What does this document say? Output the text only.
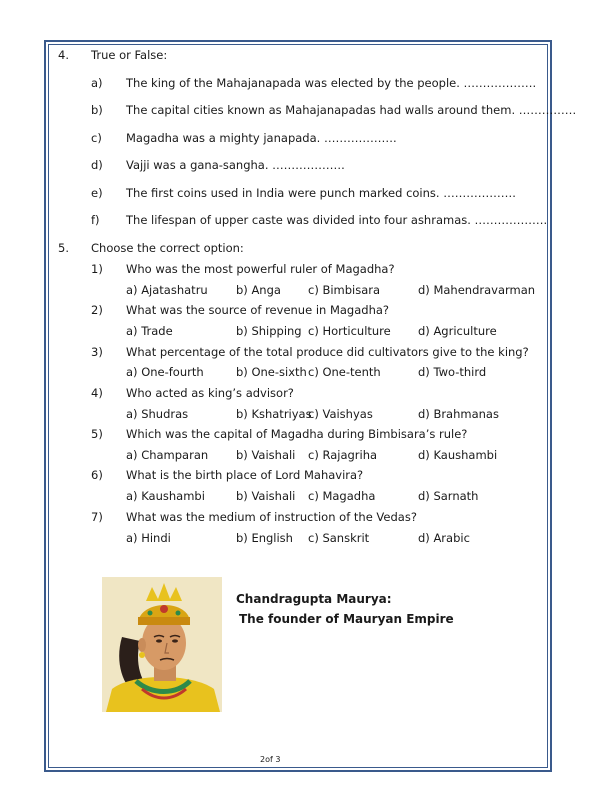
4. True or False:
a) The king of the Mahajanapada was elected by the people. ……………….
b) The capital cities known as Mahajanapadas had walls around them. ……………
c) Magadha was a mighty janapada. ……………….
d) Vajji was a gana-sangha. ……………….
e) The first coins used in India were punch marked coins. ……………….
f) The lifespan of upper caste was divided into four ashramas. ……………….
5. Choose the correct option:
1) Who was the most powerful ruler of Magadha?
a) Ajatashatru b) Anga c) Bimbisara	d) Mahendravarman
2) What was the source of revenue in Magadha?
a) Trade	b) Shipping c) Horticulture d) Agriculture
3) What percentage of the total produce did cultivators give to the king?
a) One-fourth	b) One-sixth c) One-tenth	d) Two-third
4) Who acted as king’s advisor?
a) Shudras	b) Kshatriyas
c) Vaishyas	d) Brahmanas
5) Which was the capital of Magadha during Bimbisara’s rule?
a) Champaran b) Vaishali c) Rajagriha	d) Kaushambi
6) What is the birth place of Lord Mahavira?
a) Kaushambi	b) Vaishali c) Magadha	d) Sarnath
7) What was the medium of instruction of the Vedas?
a) Hindi	b) English c) Sanskrit	d) Arabic
Chandragupta Maurya:
The founder of Mauryan Empire
2of 3
